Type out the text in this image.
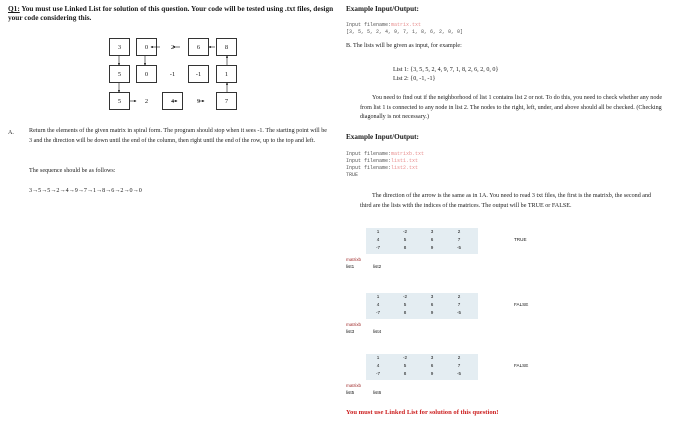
Q1: You must use Linked List for solution of this question. Your code will be tested using .txt files, design your code considering this.
3	0	2	6	8
5	0	-1	-1	1
5	2	4	9	7
A. Return the elements of the given matrix in spiral form. The program should stop when it sees -1. The starting point will be 3 and the direction will be down until the end of the column, then right until the end of the row, up to the top and left.
The sequence should be as follows:
3→5→5→2→4→9→7→1→8→6→2→0→0
Example Input/Output:
Input filename:matrix.txt
[3, 5, 5, 2, 4, 9, 7, 1, 8, 6, 2, 0, 0]
B. The lists will be given as input, for example:
List 1: {3, 5, 5, 2, 4, 9, 7, 1, 8, 2, 6, 2, 0, 0}
List 2: {0, -1, -1}
You need to find out if the neighborhood of list 1 contains list 2 or not. To do this, you need to check whether any node from list 1 is connected to any node in list 2. The nodes to the right, left, under, and above should all be checked. (Checking diagonally is not necessary.)
Example Input/Output:
Input filename:matrixb.txt
Input filename:list1.txt
Input filename:list2.txt
TRUE
The direction of the arrow is the same as in 1A. You need to read 3 txt files, the first is the matrixb, the second and third are the lists with the indices of the matrices. The output will be TRUE or FALSE.
1	-2	3	2
4	5	6	7
-7	8	9	-5
TRUE
matrixb
list1	list2
1	-2	3	2
4	5	6	7
-7	8	9	-5
FALSE
matrixb
list3	list4
1	-2	3	2
4	5	6	7
-7	8	9	-5
FALSE
matrixb
list5	list6
You must use Linked List for solution of this question!
